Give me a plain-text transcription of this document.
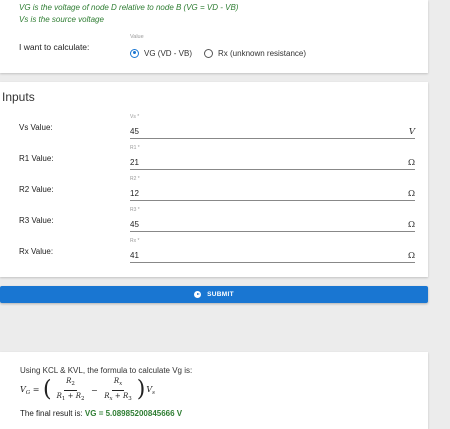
VG is the voltage of node D relative to node B (VG = VD - VB)
Vs is the source voltage
I want to calculate:
Value
VG (VD - VB)	Rx (unknown resistance)
Inputs
Vs Value:
Vs *
45	V
R1 Value:
R1 *
21	Ω
R2 Value:
R2 *
12	Ω
R3 Value:
R3 *
45	Ω
Rx Value:
Rx *
41	Ω
SUBMIT
Using KCL & KVL, the formula to calculate Vg is:
$V_G$ = ( $\frac{R_2}{R_1 + R_2} - \frac{R_x}{R_x + R_3}$ ) $V_s$
The final result is: VG = 5.08985200845666 V
